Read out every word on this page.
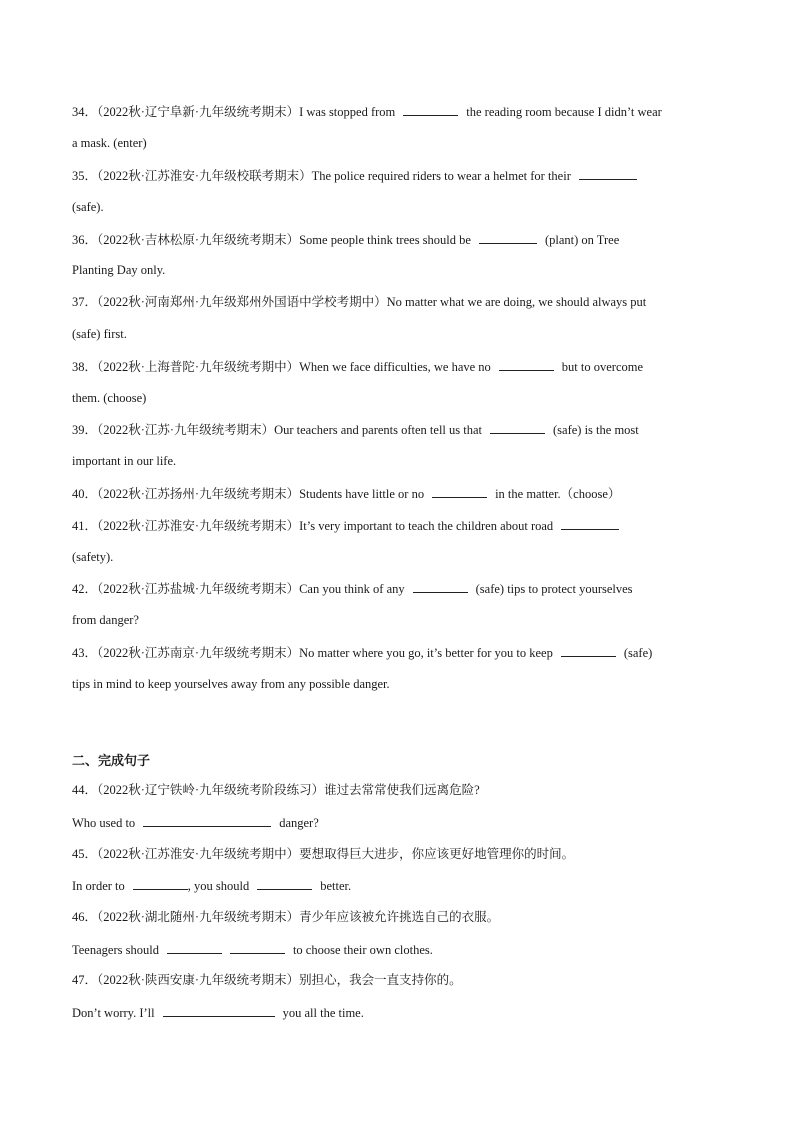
34．（2022秋·辽宁阜新·九年级统考期末）I was stopped from	the reading room because I didn’t wear
a mask. (enter)
35．（2022秋·江苏淮安·九年级校联考期末）The police required riders to wear a helmet for their
(safe).
36．（2022秋·吉林松原·九年级统考期末）Some people think trees should be	(plant) on Tree
Planting Day only.
37．（2022秋·河南郑州·九年级郑州外国语中学校考期中）No matter what we are doing, we should always put
(safe) first.
38．（2022秋·上海普陀·九年级统考期中）When we face difficulties, we have no	but to overcome
them. (choose)
39．（2022秋·江苏·九年级统考期末）Our teachers and parents often tell us that	(safe) is the most
important in our life.
40．（2022秋·江苏扬州·九年级统考期末）Students have little or no	in the matter.（choose）
41．（2022秋·江苏淮安·九年级统考期末）It’s very important to teach the children about road
(safety).
42．（2022秋·江苏盐城·九年级统考期末）Can you think of any	(safe) tips to protect yourselves
from danger?
43．（2022秋·江苏南京·九年级统考期末）No matter where you go, it’s better for you to keep	(safe)
tips in mind to keep yourselves away from any possible danger.
二、完成句子
44．（2022秋·辽宁铁岭·九年级统考阶段练习）谁过去常常使我们远离危险?
Who used to	danger?
45．（2022秋·江苏淮安·九年级统考期中）要想取得巨大进步，你应该更好地管理你的时间。
In order to	, you should	better.
46．（2022秋·湖北随州·九年级统考期末）青少年应该被允许挑选自己的衣服。
Teenagers should	to choose their own clothes.
47．（2022秋·陕西安康·九年级统考期末）别担心，我会一直支持你的。
Don’t worry. I’ll	you all the time.
